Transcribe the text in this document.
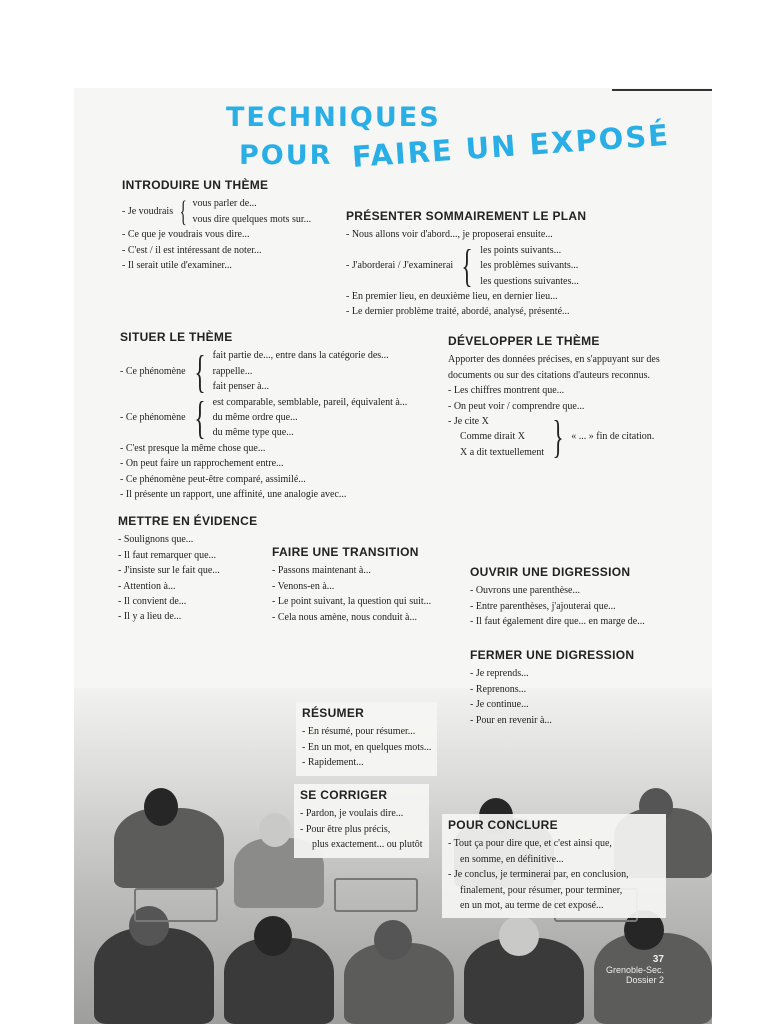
TECHNIQUES
POUR FAIRE UN EXPOSÉ
INTRODUIRE UN THÈME
- Je voudrais { vous parler de...
vous dire quelques mots sur...
- Ce que je voudrais vous dire...
- C'est / il est intéressant de noter...
- Il serait utile d'examiner...
PRÉSENTER SOMMAIREMENT LE PLAN
- Nous allons voir d'abord..., je proposerai ensuite...
- J'aborderai / J'examinerai { les points suivants...
les problèmes suivants...
les questions suivantes...
- En premier lieu, en deuxième lieu, en dernier lieu...
- Le dernier problème traité, abordé, analysé, présenté...
SITUER LE THÈME
- Ce phénomène { fait partie de..., entre dans la catégorie des...
rappelle...
fait penser à...
- Ce phénomène { est comparable, semblable, pareil, équivalent à...
du même ordre que...
du même type que...
- C'est presque la même chose que...
- On peut faire un rapprochement entre...
- Ce phénomène peut-être comparé, assimilé...
- Il présente un rapport, une affinité, une analogie avec...
DÉVELOPPER LE THÈME
Apporter des données précises, en s'appuyant sur des
documents ou sur des citations d'auteurs reconnus.
- Les chiffres montrent que...
- On peut voir / comprendre que...
- Je cite X
Comme dirait X
X a dit textuellement } « ... » fin de citation.
METTRE EN ÉVIDENCE
- Soulignons que...
- Il faut remarquer que...
- J'insiste sur le fait que...
- Attention à...
- Il convient de...
- Il y a lieu de...
FAIRE UNE TRANSITION
- Passons maintenant à...
- Venons-en à...
- Le point suivant, la question qui suit...
- Cela nous amène, nous conduit à...
OUVRIR UNE DIGRESSION
- Ouvrons une parenthèse...
- Entre parenthèses, j'ajouterai que...
- Il faut également dire que... en marge de...
FERMER UNE DIGRESSION
- Je reprends...
- Reprenons...
- Je continue...
- Pour en revenir à...
RÉSUMER
- En résumé, pour résumer...
- En un mot, en quelques mots...
- Rapidement...
SE CORRIGER
- Pardon, je voulais dire...
- Pour être plus précis,
plus exactement... ou plutôt
POUR CONCLURE
- Tout ça pour dire que, et c'est ainsi que,
en somme, en définitive...
- Je conclus, je terminerai par, en conclusion,
finalement, pour résumer, pour terminer,
en un mot, au terme de cet exposé...
37
Grenoble-Sec.
Dossier 2
